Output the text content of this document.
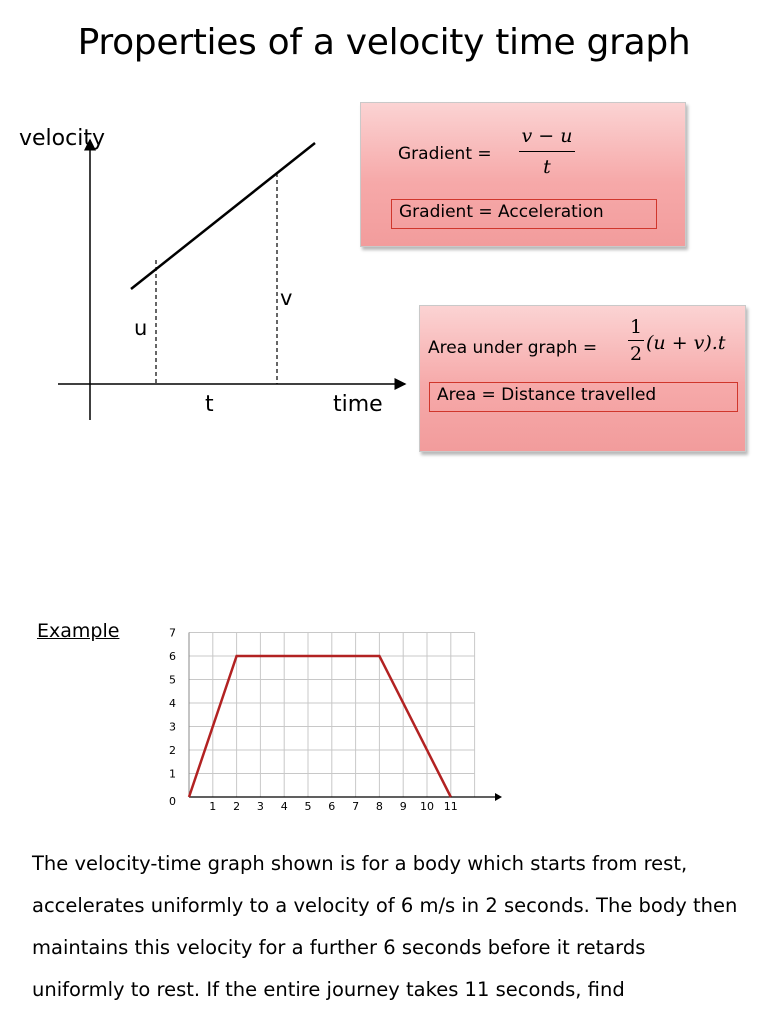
Properties of a velocity time graph
velocity
time
u
v
t
Gradient =
v − u
t
Gradient = Acceleration
Area under graph =
1
2 (u + v).t
Area = Distance travelled
Example
1 2 3 4 5 6 7 8 9 10 11
0
1
2
3
4
5
6
7
The velocity-time graph shown is for a body which starts from rest,
accelerates uniformly to a velocity of 6 m/s in 2 seconds. The body then
maintains this velocity for a further 6 seconds before it retards
uniformly to rest. If the entire journey takes 11 seconds, find
